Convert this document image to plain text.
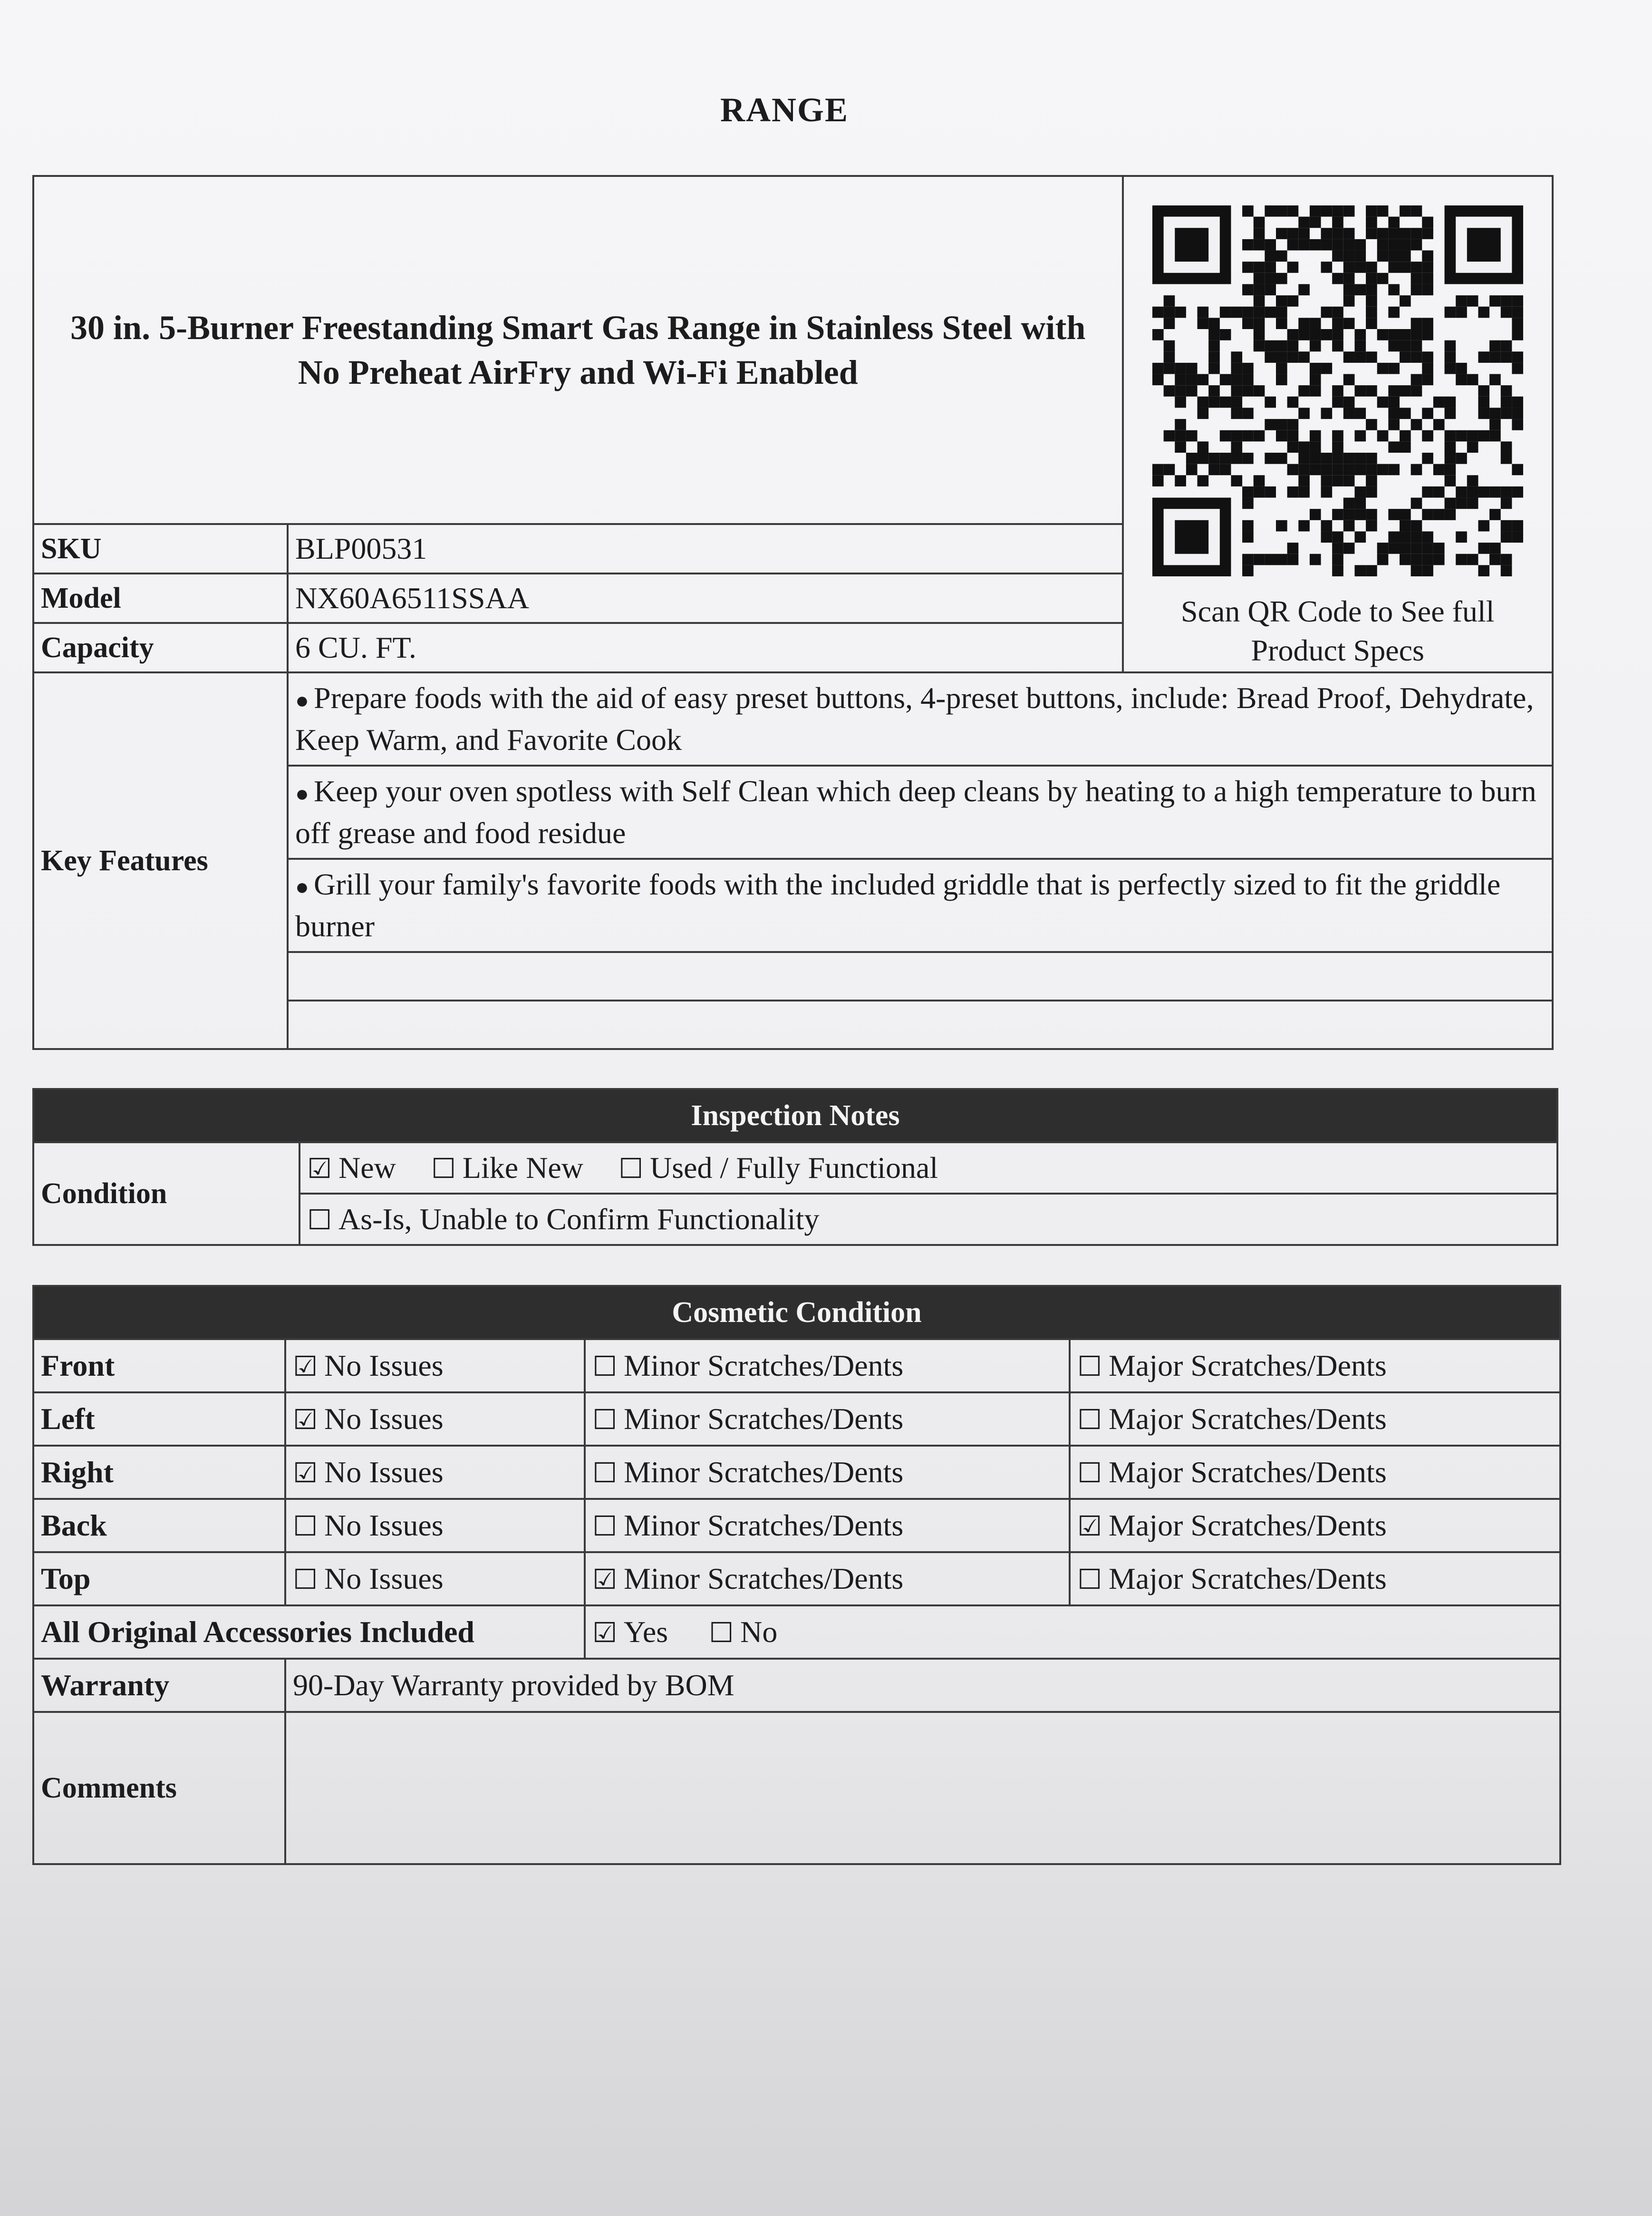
RANGE
30 in. 5-Burner Freestanding Smart Gas Range in Stainless Steel with No Preheat AirFry and Wi-Fi Enabled		Scan QR Code to See full Product Specs

SKU	BLP00531	
Model	NX60A6511SSAA	
Capacity	6 CU. FT.	
Key Features	● Prepare foods with the aid of easy preset buttons, 4-preset buttons, include: Bread Proof, Dehydrate, Keep Warm, and Favorite Cook	
	● Keep your oven spotless with Self Clean which deep cleans by heating to a high temperature to burn off grease and food residue	
	● Grill your family's favorite foods with the included griddle that is perfectly sized to fit the griddle burner	

Inspection Notes
Condition	☑ New ☐ Like New ☐ Used / Fully Functional
☐ As-Is, Unable to Confirm Functionality
Cosmetic Condition			
Front	☑ No Issues	☐ Minor Scratches/Dents	☐ Major Scratches/Dents
Left	☑ No Issues	☐ Minor Scratches/Dents	☐ Major Scratches/Dents
Right	☑ No Issues	☐ Minor Scratches/Dents	☐ Major Scratches/Dents
Back	☐ No Issues	☐ Minor Scratches/Dents	☑ Major Scratches/Dents
Top	☐ No Issues	☑ Minor Scratches/Dents	☐ Major Scratches/Dents
All Original Accessories Included		☑ Yes ☐ No	
Warranty	90-Day Warranty provided by BOM		
Comments			
